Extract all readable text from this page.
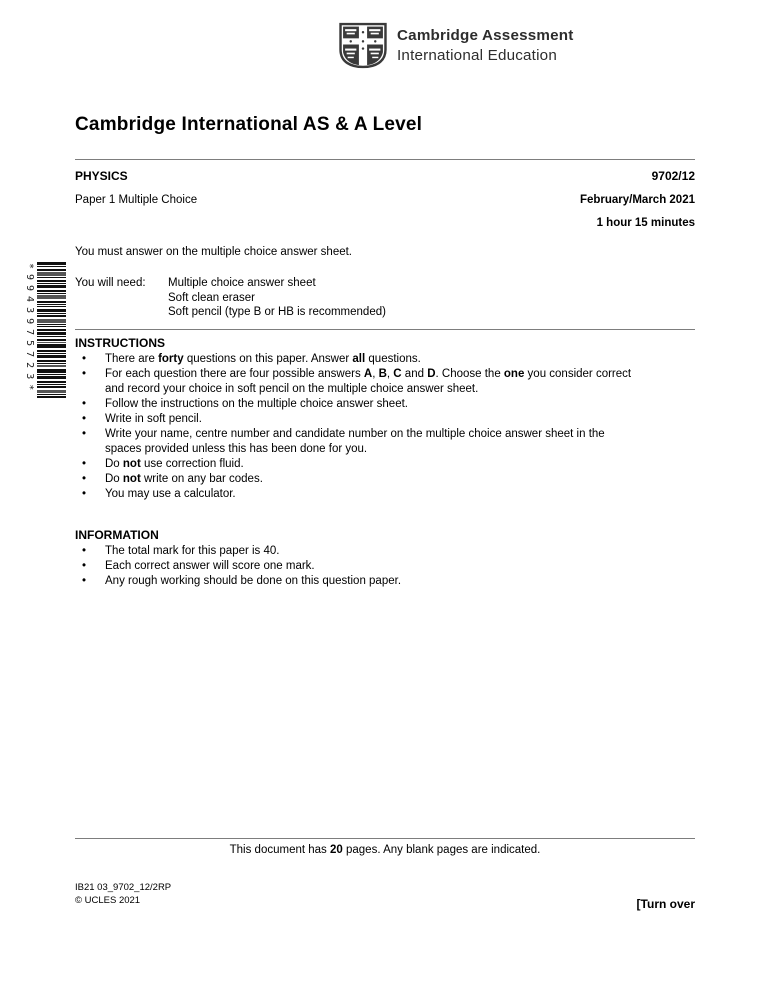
Cambridge Assessment
International Education
*9943975723*
Cambridge International AS & A Level
PHYSICS	9702/12
Paper 1 Multiple Choice	February/March 2021
1 hour 15 minutes
You must answer on the multiple choice answer sheet.
You will need:	Multiple choice answer sheet
Soft clean eraser
Soft pencil (type B or HB is recommended)
INSTRUCTIONS
•	There are forty questions on this paper. Answer all questions.
•	For each question there are four possible answers A, B, C and D. Choose the one you consider correct
and record your choice in soft pencil on the multiple choice answer sheet.
•	Follow the instructions on the multiple choice answer sheet.
•	Write in soft pencil.
•	Write your name, centre number and candidate number on the multiple choice answer sheet in the
spaces provided unless this has been done for you.
•	Do not use correction fluid.
•	Do not write on any bar codes.
•	You may use a calculator.
INFORMATION
•	The total mark for this paper is 40.
•	Each correct answer will score one mark.
•	Any rough working should be done on this question paper.
This document has 20 pages. Any blank pages are indicated.
IB21 03_9702_12/2RP
© UCLES 2021	[Turn over
